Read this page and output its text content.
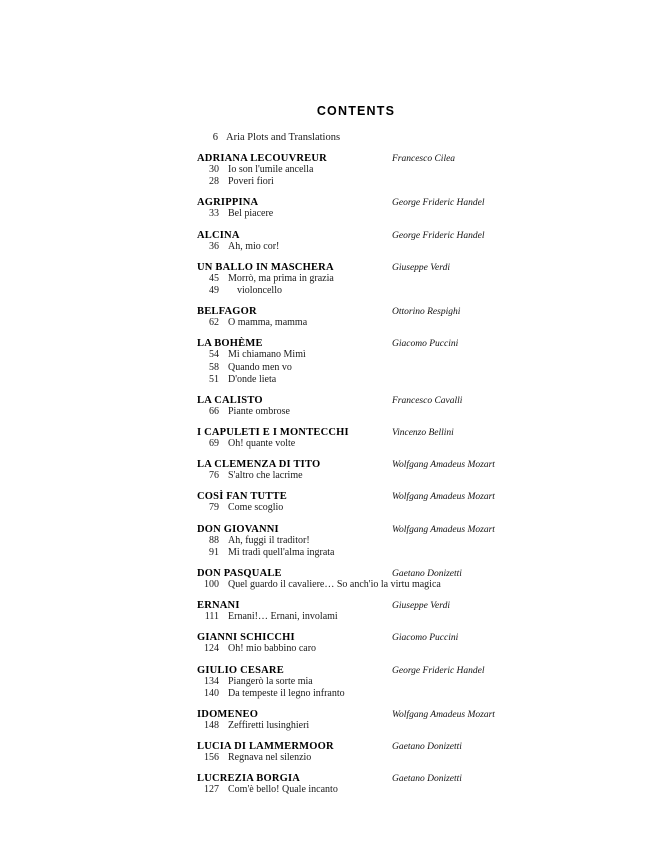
CONTENTS
6 Aria Plots and Translations
ADRIANA LECOUVREUR	Francesco Cilea
30 Io son l'umile ancella
28 Poveri fiori
AGRIPPINA	George Frideric Handel
33 Bel piacere
ALCINA	George Frideric Handel
36 Ah, mio cor!
UN BALLO IN MASCHERA	Giuseppe Verdi
45 Morrò, ma prima in grazia
49	violoncello
BELFAGOR	Ottorino Respighi
62 O mamma, mamma
LA BOHÈME	Giacomo Puccini
54 Mi chiamano Mimì
58 Quando men vo
51 D'onde lieta
LA CALISTO	Francesco Cavalli
66 Piante ombrose
I CAPULETI E I MONTECCHI	Vincenzo Bellini
69 Oh! quante volte
LA CLEMENZA DI TITO	Wolfgang Amadeus Mozart
76 S'altro che lacrime
COSÌ FAN TUTTE	Wolfgang Amadeus Mozart
79 Come scoglio
DON GIOVANNI	Wolfgang Amadeus Mozart
88 Ah, fuggi il traditor!
91 Mi tradì quell'alma ingrata
DON PASQUALE	Gaetano Donizetti
100 Quel guardo il cavaliere… So anch'io la virtu magica
ERNANI	Giuseppe Verdi
111 Ernani!… Ernani, involami
GIANNI SCHICCHI	Giacomo Puccini
124 Oh! mio babbino caro
GIULIO CESARE	George Frideric Handel
134 Piangerò la sorte mia
140 Da tempeste il legno infranto
IDOMENEO	Wolfgang Amadeus Mozart
148 Zeffiretti lusinghieri
LUCIA DI LAMMERMOOR	Gaetano Donizetti
156 Regnava nel silenzio
LUCREZIA BORGIA	Gaetano Donizetti
127 Com'è bello! Quale incanto
